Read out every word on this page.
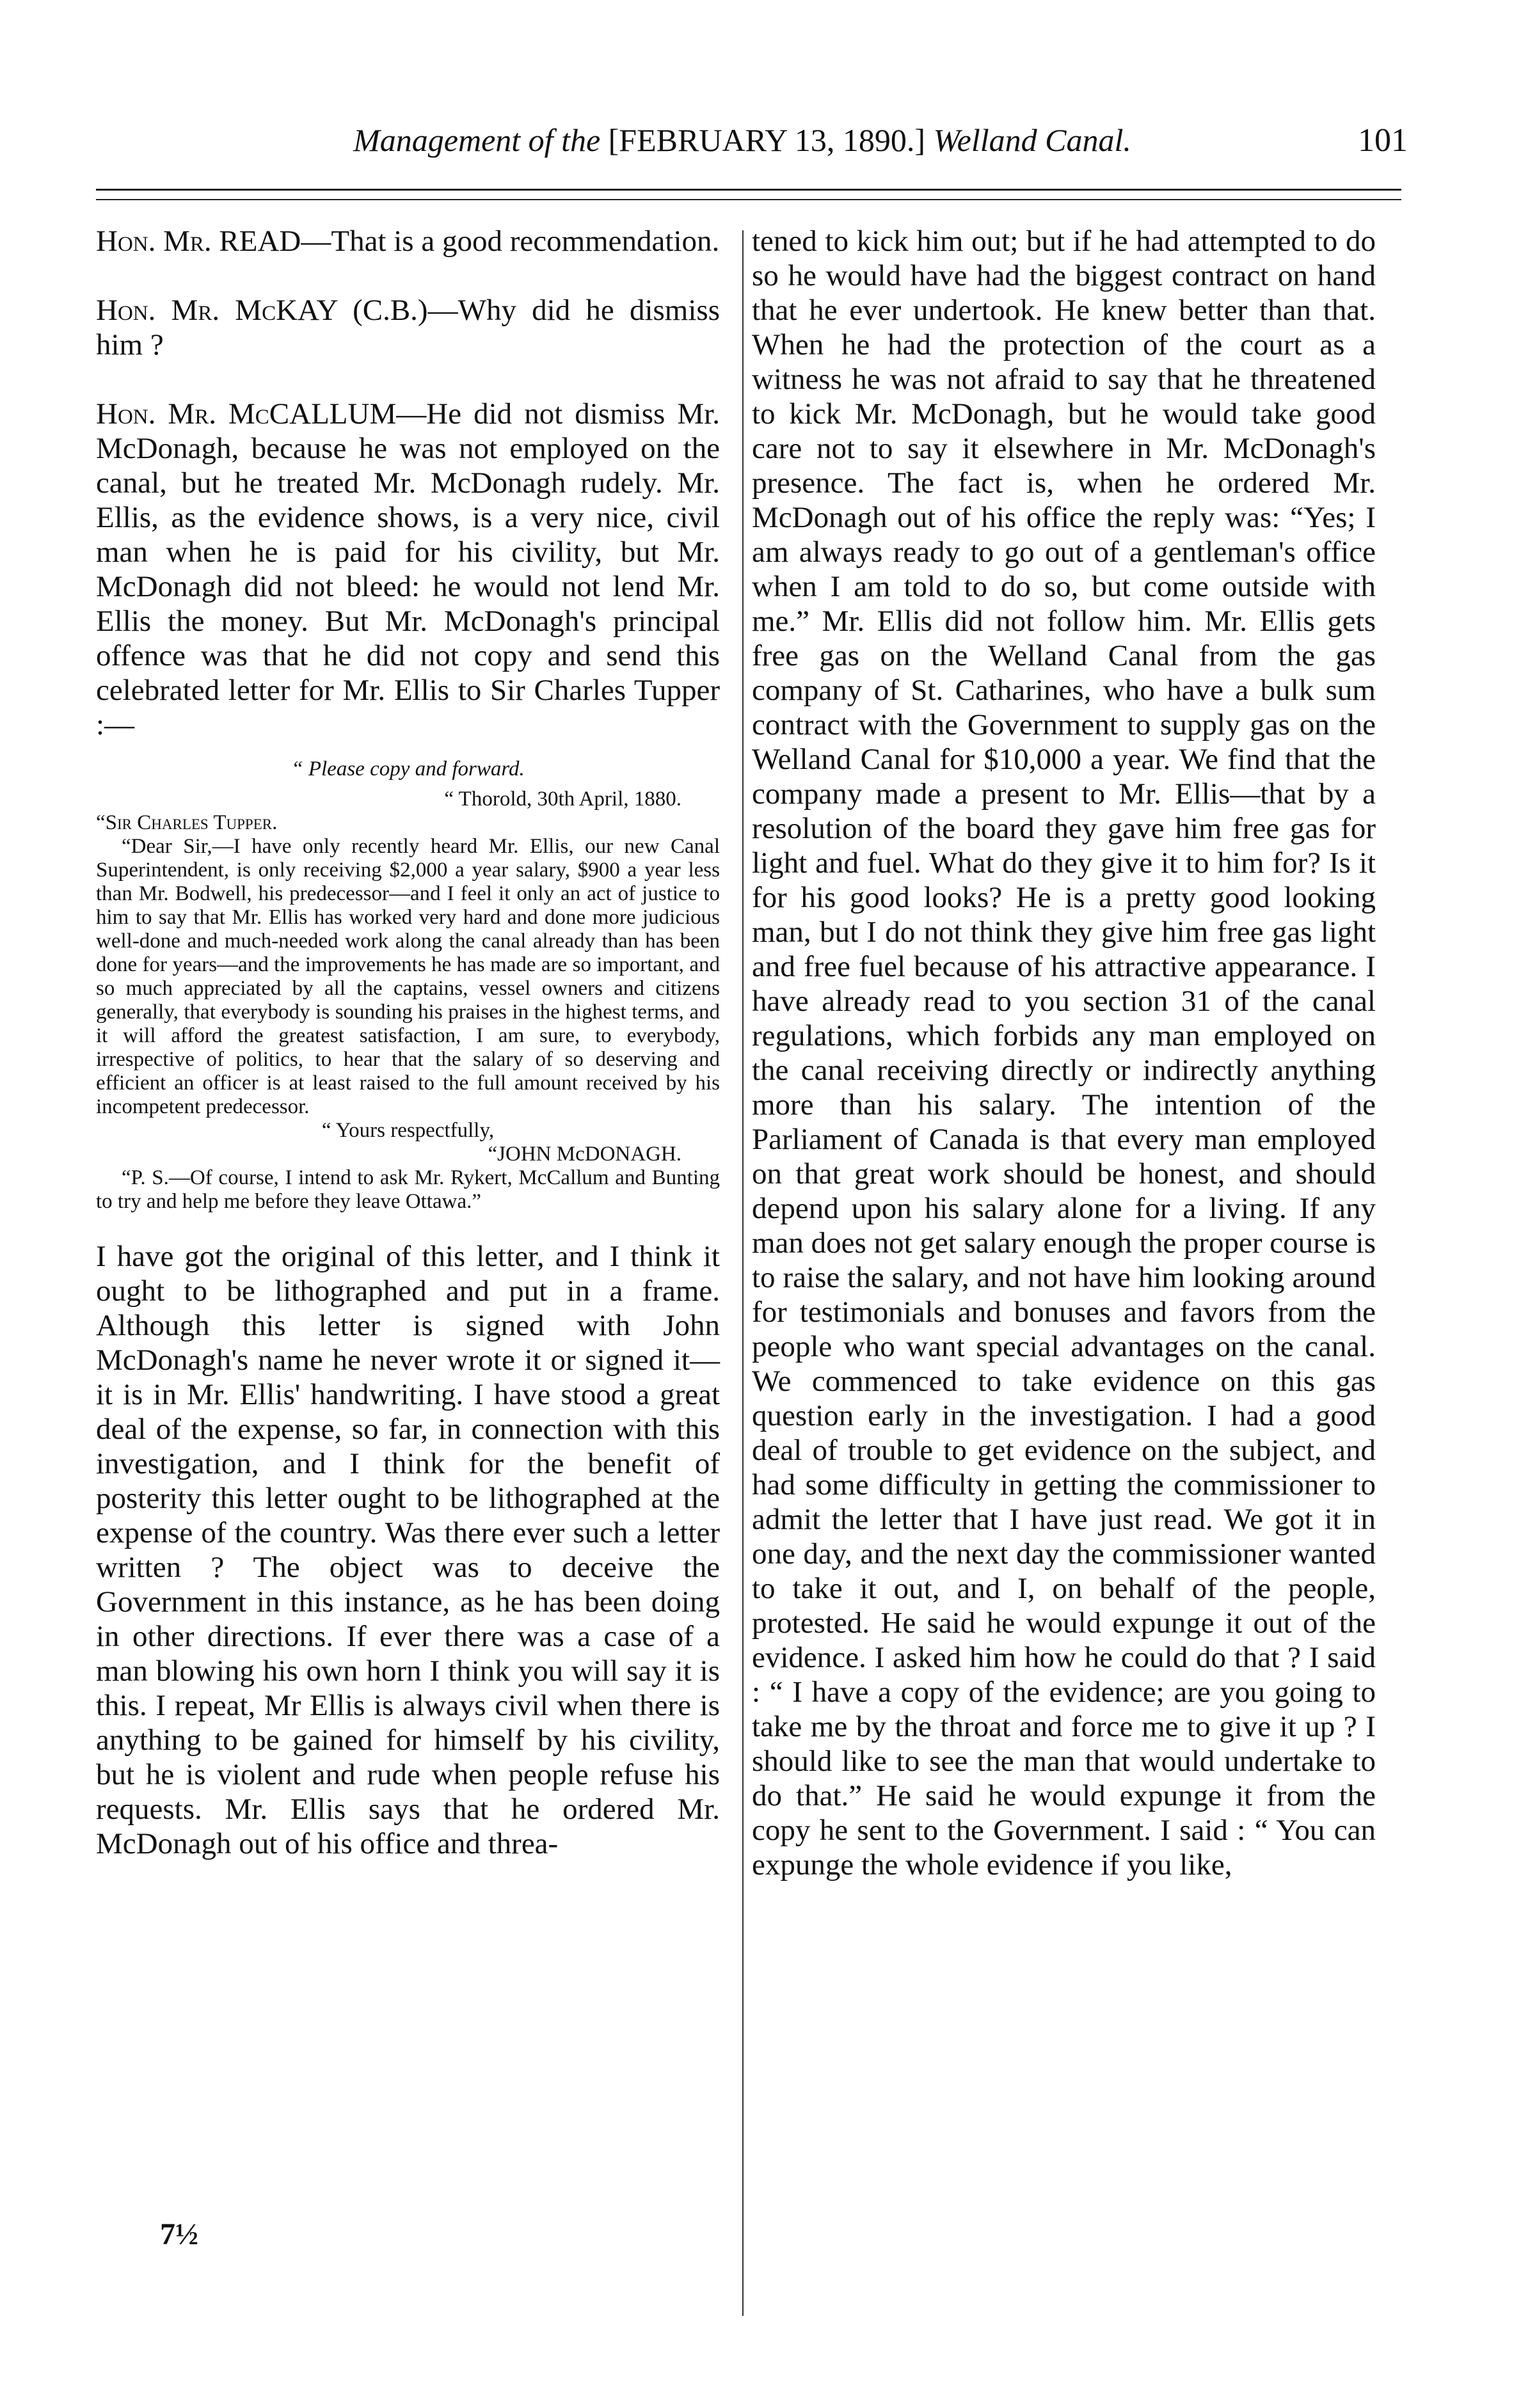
Management of the [FEBRUARY 13, 1890.] Welland Canal.	101

Hon. Mr. READ—That is a good recommendation.

Hon. Mr. McKAY (C.B.)—Why did he dismiss him ?

Hon. Mr. McCALLUM—He did not dismiss Mr. McDonagh, because he was not employed on the canal, but he treated Mr. McDonagh rudely. Mr. Ellis, as the evidence shows, is a very nice, civil man when he is paid for his civility, but Mr. McDonagh did not bleed: he would not lend Mr. Ellis the money. But Mr. McDonagh's principal offence was that he did not copy and send this celebrated letter for Mr. Ellis to Sir Charles Tupper :—

“ Please copy and forward.

“ Thorold, 30th April, 1880.

“Sir Charles Tupper.

“Dear Sir,—I have only recently heard Mr. Ellis, our new Canal Superintendent, is only receiving $2,000 a year salary, $900 a year less than Mr. Bodwell, his predecessor—and I feel it only an act of justice to him to say that Mr. Ellis has worked very hard and done more judicious well-done and much-needed work along the canal already than has been done for years—and the improvements he has made are so important, and so much appreciated by all the captains, vessel owners and citizens generally, that everybody is sounding his praises in the highest terms, and it will afford the greatest satisfaction, I am sure, to everybody, irrespective of politics, to hear that the salary of so deserving and efficient an officer is at least raised to the full amount received by his incompetent predecessor.

“ Yours respectfully,

“JOHN McDONAGH.

“P. S.—Of course, I intend to ask Mr. Rykert, McCallum and Bunting to try and help me before they leave Ottawa.”

I have got the original of this letter, and I think it ought to be lithographed and put in a frame. Although this letter is signed with John McDonagh's name he never wrote it or signed it—it is in Mr. Ellis' handwriting. I have stood a great deal of the expense, so far, in connection with this investigation, and I think for the benefit of posterity this letter ought to be lithographed at the expense of the country. Was there ever such a letter written ? The object was to deceive the Government in this instance, as he has been doing in other directions. If ever there was a case of a man blowing his own horn I think you will say it is this. I repeat, Mr Ellis is always civil when there is anything to be gained for himself by his civility, but he is violent and rude when people refuse his requests. Mr. Ellis says that he ordered Mr. McDonagh out of his office and threa-

tened to kick him out; but if he had attempted to do so he would have had the biggest contract on hand that he ever undertook. He knew better than that. When he had the protection of the court as a witness he was not afraid to say that he threatened to kick Mr. McDonagh, but he would take good care not to say it elsewhere in Mr. McDonagh's presence. The fact is, when he ordered Mr. McDonagh out of his office the reply was: “Yes; I am always ready to go out of a gentleman's office when I am told to do so, but come outside with me.” Mr. Ellis did not follow him. Mr. Ellis gets free gas on the Welland Canal from the gas company of St. Catharines, who have a bulk sum contract with the Government to supply gas on the Welland Canal for $10,000 a year. We find that the company made a present to Mr. Ellis—that by a resolution of the board they gave him free gas for light and fuel. What do they give it to him for? Is it for his good looks? He is a pretty good looking man, but I do not think they give him free gas light and free fuel because of his attractive appearance. I have already read to you section 31 of the canal regulations, which forbids any man employed on the canal receiving directly or indirectly anything more than his salary. The intention of the Parliament of Canada is that every man employed on that great work should be honest, and should depend upon his salary alone for a living. If any man does not get salary enough the proper course is to raise the salary, and not have him looking around for testimonials and bonuses and favors from the people who want special advantages on the canal. We commenced to take evidence on this gas question early in the investigation. I had a good deal of trouble to get evidence on the subject, and had some difficulty in getting the commissioner to admit the letter that I have just read. We got it in one day, and the next day the commissioner wanted to take it out, and I, on behalf of the people, protested. He said he would expunge it out of the evidence. I asked him how he could do that ? I said : “ I have a copy of the evidence; are you going to take me by the throat and force me to give it up ? I should like to see the man that would undertake to do that.” He said he would expunge it from the copy he sent to the Government. I said : “ You can expunge the whole evidence if you like,

7½
